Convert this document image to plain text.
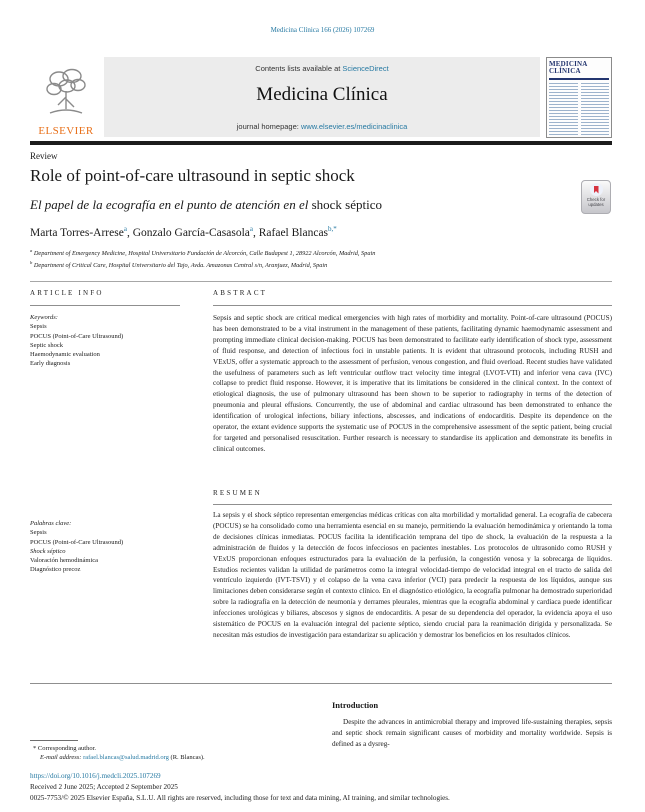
Medicina Clínica 166 (2026) 107269
ELSEVIER
Contents lists available at ScienceDirect
Medicina Clínica
journal homepage: www.elsevier.es/medicinaclinica
MEDICINA CLÍNICA
Review
Role of point-of-care ultrasound in septic shock
El papel de la ecografía en el punto de atención en el shock séptico
Marta Torres-Arrese$^a$, Gonzalo García-Casasola$^a$, Rafael Blancas$^{b,*}$
$^a$ Department of Emergency Medicine, Hospital Universitario Fundación de Alcorcón, Calle Budapest 1, 28922 Alcorcón, Madrid, Spain
$^b$ Department of Critical Care, Hospital Universitario del Tajo, Avda. Amazonas Central s/n, Aranjuez, Madrid, Spain
Check for updates
ARTICLE INFO
Keywords:
Sepsis
POCUS (Point-of-Care Ultrasound)
Septic shock
Haemodynamic evaluation
Early diagnosis
ABSTRACT
Sepsis and septic shock are critical medical emergencies with high rates of morbidity and mortality. Point-of-care ultrasound (POCUS) has been demonstrated to be a vital instrument in the management of these patients, facilitating dynamic haemodynamic assessment and prompting immediate clinical decision-making. POCUS has been demonstrated to facilitate early identification of shock type, assessment of fluid response, and detection of infectious foci in unstable patients. It is evident that ultrasound protocols, including RUSH and VExUS, offer a systematic approach to the assessment of perfusion, venous congestion, and fluid overload. Recent studies have validated the usefulness of parameters such as left ventricular outflow tract velocity time integral (LVOT-VTI) and inferior vena cava (IVC) collapse to predict fluid response. However, it is imperative that its limitations be considered in the clinical context. In the context of etiological diagnosis, the use of pulmonary ultrasound has been shown to be superior to radiography in terms of the detection of pneumonia and pleural effusions. Concurrently, the use of abdominal and cardiac ultrasound has been demonstrated to enhance the identification of urological infections, biliary infections, abscesses, and indications of endocarditis. Despite its dependence on the operator, the extant evidence supports the systematic use of POCUS in the comprehensive assessment of the septic patient, being crucial for targeted and personalised resuscitation. Further research is necessary to standardise its application and demonstrate its benefits in clinical outcomes.
RESUMEN
Palabras clave:
Sepsis
POCUS (Point-of-Care Ultrasound)
Shock séptico
Valoración hemodinámica
Diagnóstico precoz
La sepsis y el shock séptico representan emergencias médicas críticas con alta morbilidad y mortalidad general. La ecografía de cabecera (POCUS) se ha consolidado como una herramienta esencial en su manejo, permitiendo la evaluación hemodinámica y orientando la toma de decisiones clínicas inmediatas. POCUS facilita la identificación temprana del tipo de shock, la evaluación de la respuesta a la administración de fluidos y la detección de focos infecciosos en pacientes inestables. Los protocolos de ultrasonido como RUSH y VExUS proporcionan enfoques estructurados para la evaluación de la perfusión, la congestión venosa y la sobrecarga de líquidos. Estudios recientes validan la utilidad de parámetros como la integral velocidad-tiempo de velocidad integral en el tracto de salida del ventrículo izquierdo (IVT-TSVI) y el colapso de la vena cava inferior (VCI) para predecir la respuesta de los líquidos, aunque sus limitaciones deben considerarse según el contexto clínico. En el diagnóstico etiológico, la ecografía pulmonar ha demostrado superioridad sobre la radiografía en la detección de neumonía y derrames pleurales, mientras que la ecografía abdominal y cardíaca puede identificar infecciones urológicas y biliares, abscesos y signos de endocarditis. A pesar de su dependencia del operador, la evidencia apoya el uso sistemático de POCUS en la evaluación integral del paciente séptico, siendo crucial para la reanimación dirigida y personalizada. Se necesitan más estudios de investigación para estandarizar su aplicación y demostrar los beneficios en los resultados clínicos.
Introduction
Despite the advances in antimicrobial therapy and improved life-sustaining therapies, sepsis and septic shock remain significant causes of morbidity and mortality worldwide. Sepsis is defined as a dysreg-
* Corresponding author.
E-mail address: rafael.blancas@salud.madrid.org (R. Blancas).
https://doi.org/10.1016/j.medcli.2025.107269
Received 2 June 2025; Accepted 2 September 2025
0025-7753/© 2025 Elsevier España, S.L.U. All rights are reserved, including those for text and data mining, AI training, and similar technologies.
